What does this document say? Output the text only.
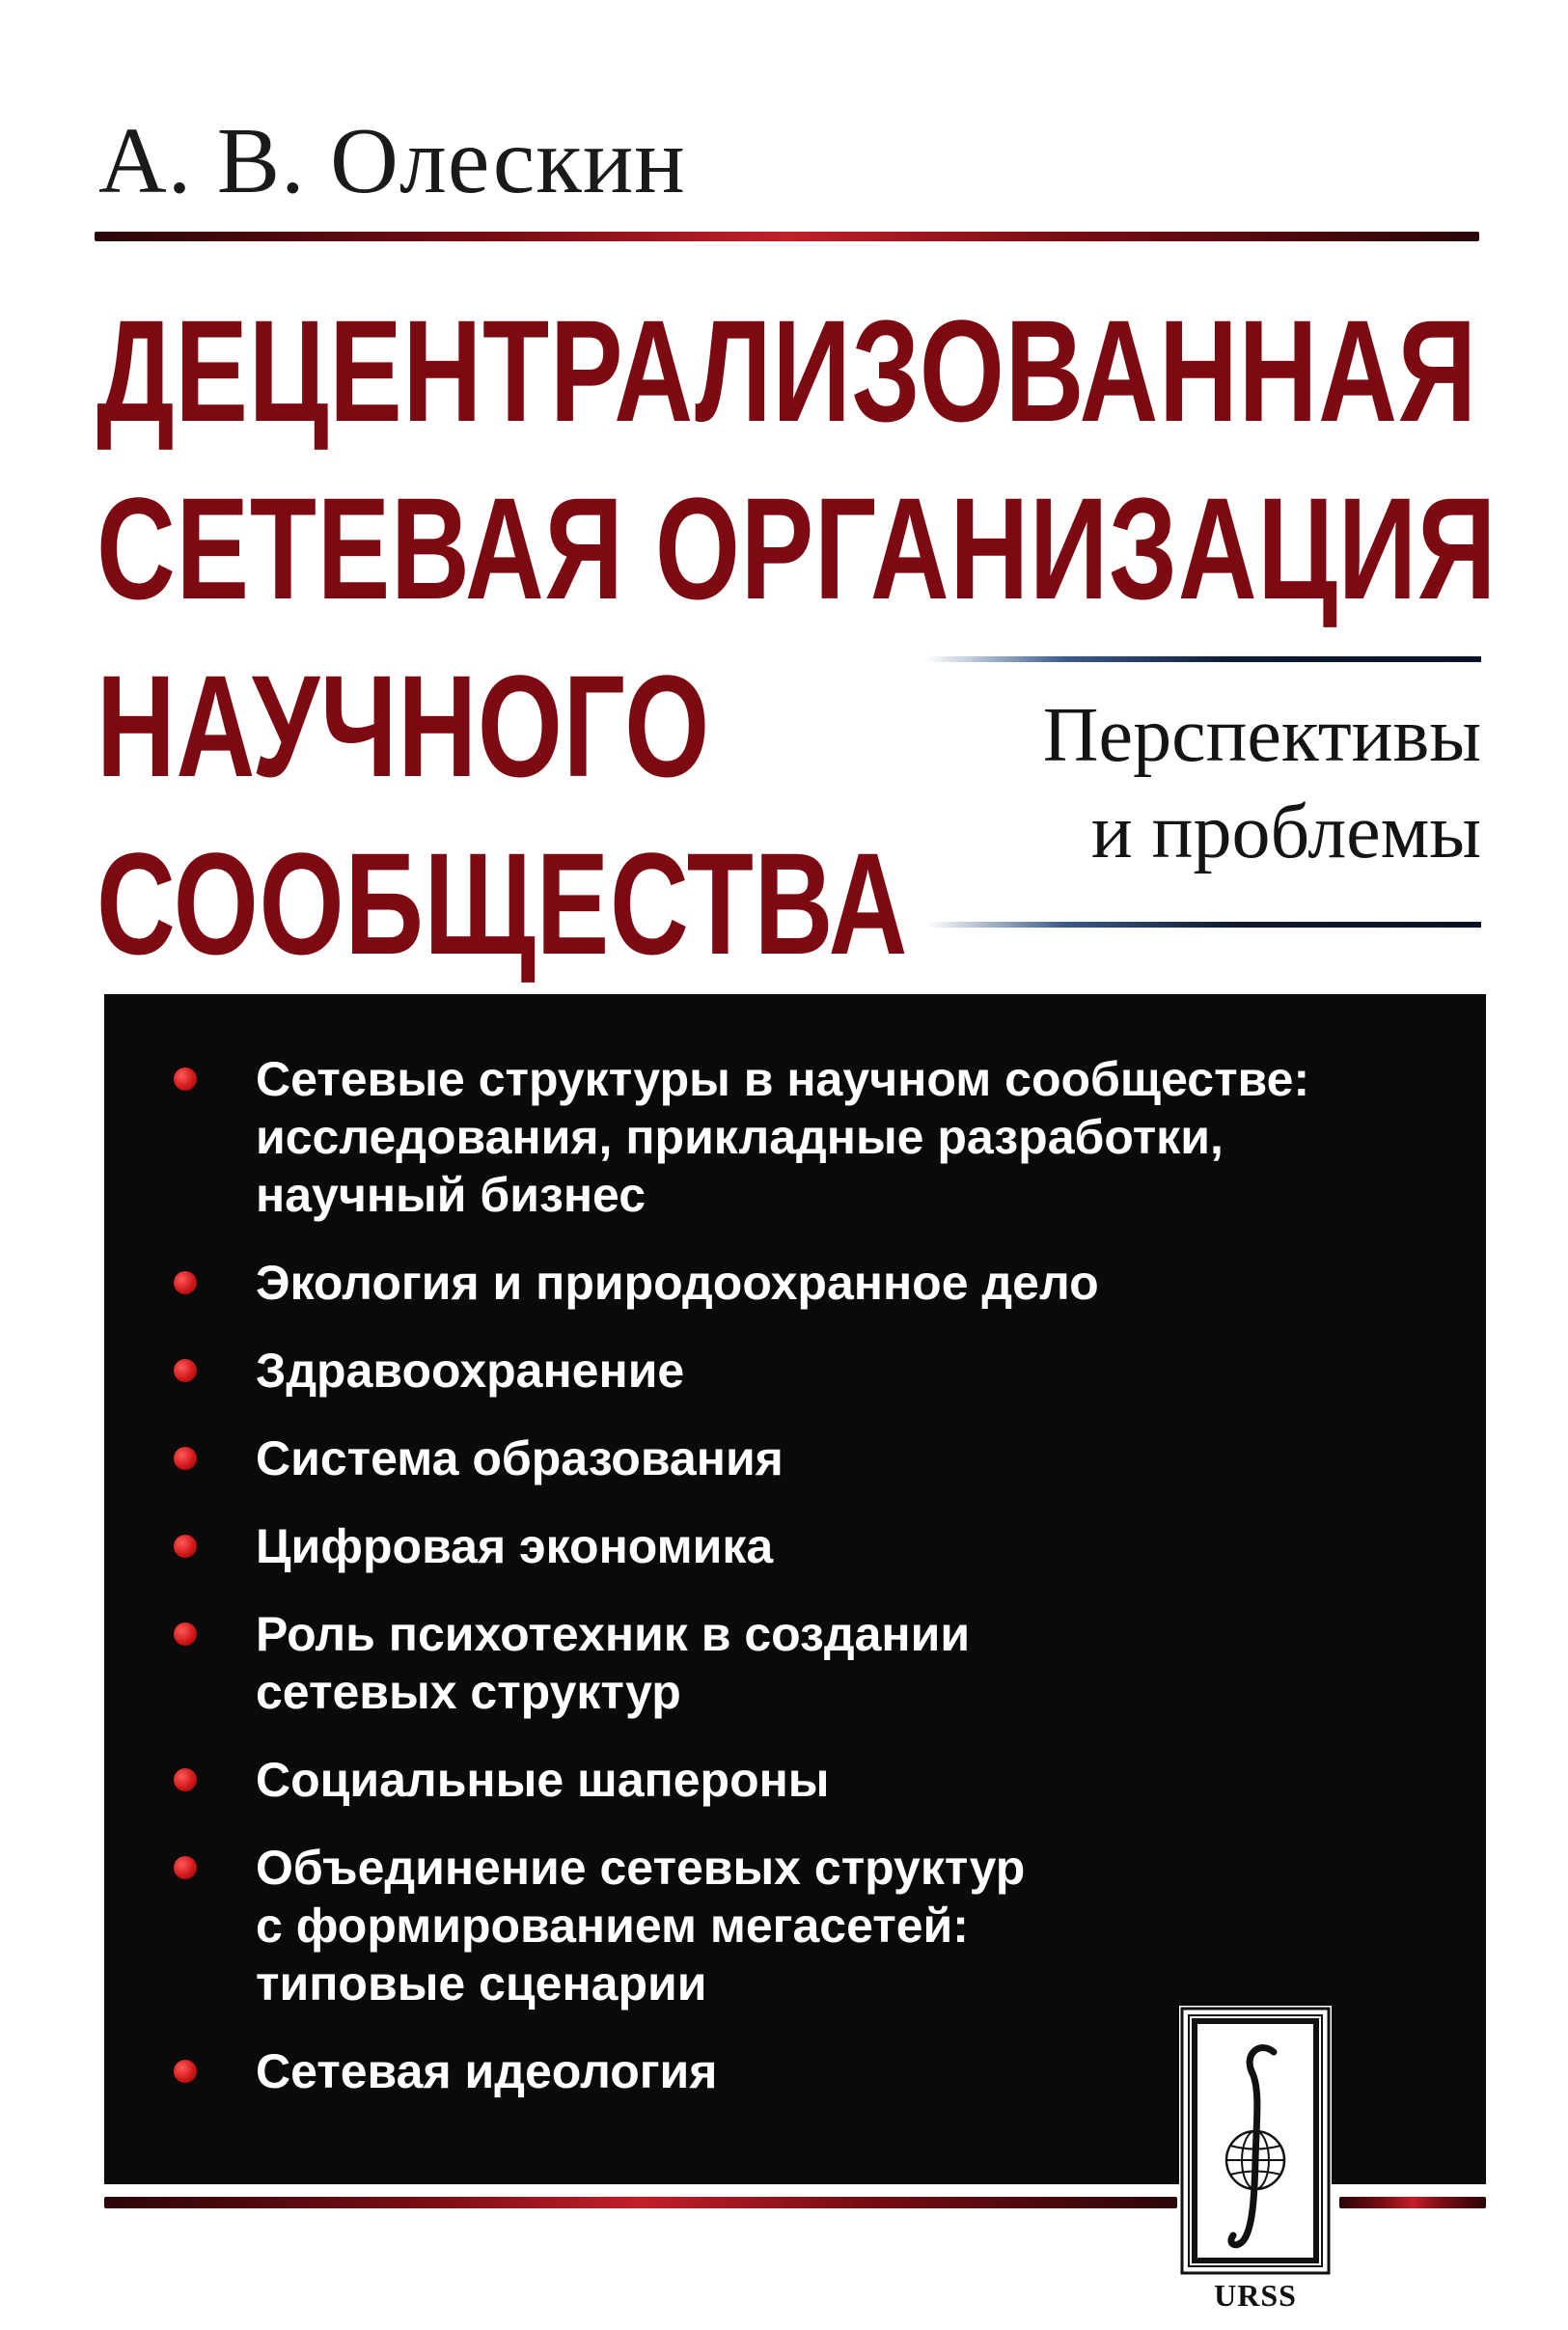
А. В. Олескин
ДЕЦЕНТРАЛИЗОВАННАЯ
СЕТЕВАЯ ОРГАНИЗАЦИЯ
НАУЧНОГО
СООБЩЕСТВА
Перспективы
и проблемы
Сетевые структуры в научном сообществе:
исследования, прикладные разработки,
научный бизнес
Экология и природоохранное дело
Здравоохранение
Система образования
Цифровая экономика
Роль психотехник в создании
сетевых структур
Социальные шапероны
Объединение сетевых структур
с формированием мегасетей:
типовые сценарии
Сетевая идеология
URSS
